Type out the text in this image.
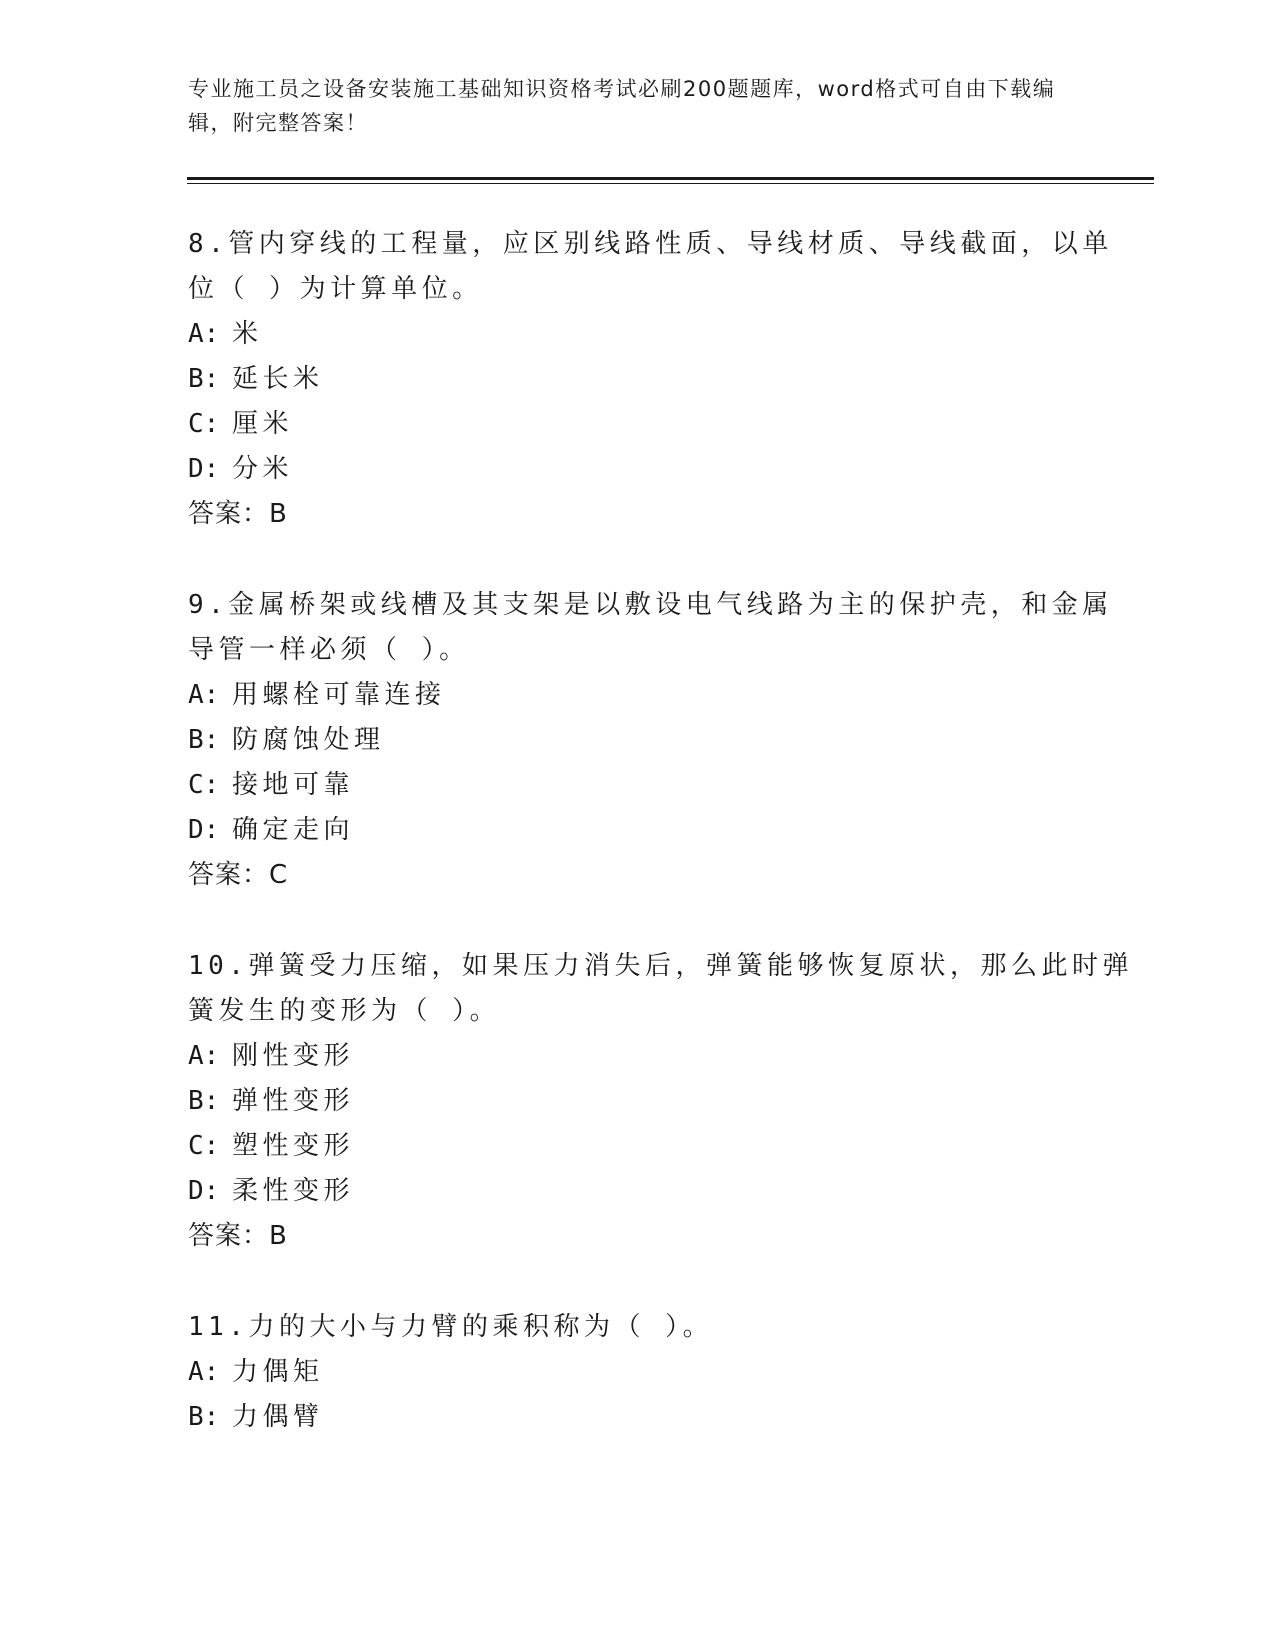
专业施工员之设备安装施工基础知识资格考试必刷200题题库，word格式可自由下载编辑，附完整答案！
8.管内穿线的工程量，应区别线路性质、导线材质、导线截面，以单
位（ ）为计算单位。
A: 米
B: 延长米
C: 厘米
D: 分米
答案：B
9.金属桥架或线槽及其支架是以敷设电气线路为主的保护壳，和金属
导管一样必须（ ）。
A: 用螺栓可靠连接
B: 防腐蚀处理
C: 接地可靠
D: 确定走向
答案：C
10.弹簧受力压缩，如果压力消失后，弹簧能够恢复原状，那么此时弹
簧发生的变形为（ ）。
A: 刚性变形
B: 弹性变形
C: 塑性变形
D: 柔性变形
答案：B
11.力的大小与力臂的乘积称为（ ）。
A: 力偶矩
B: 力偶臂
